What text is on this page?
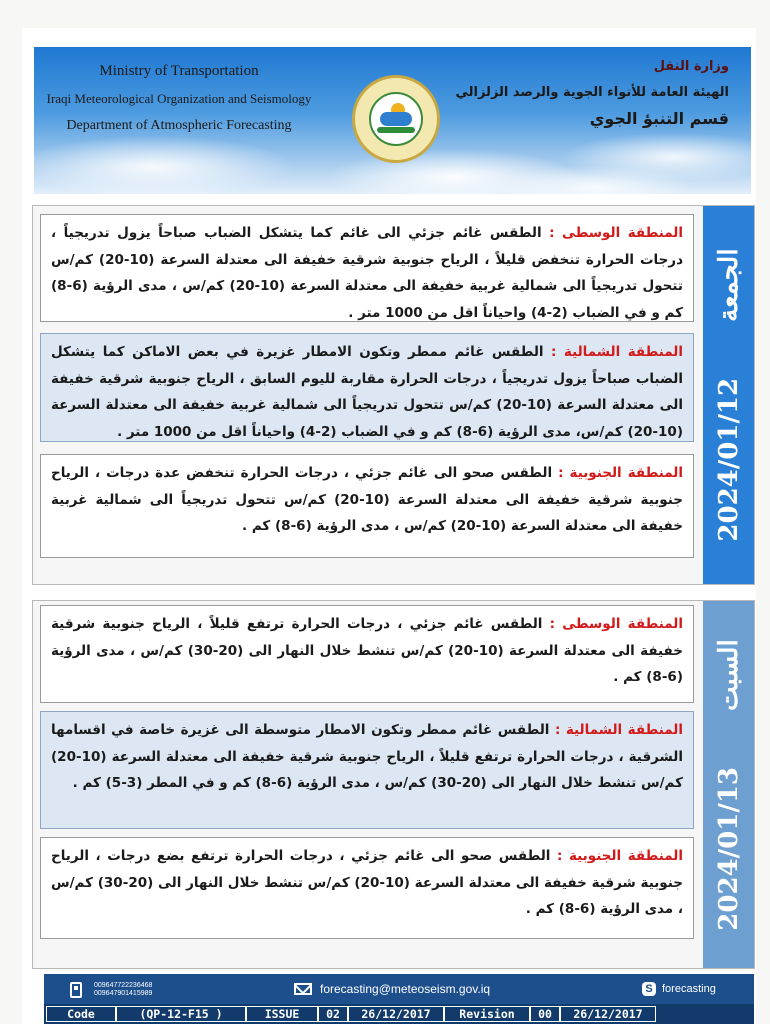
Ministry of Transportation
Iraqi Meteorological Organization and Seismology
Department of Atmospheric Forecasting
وزارة النقل
الهيئة العامة للأنواء الجوية والرصد الزلزالي
قسم التنبؤ الجوي
المنطقة الوسطى : الطقس غائم جزئي الى غائم كما يتشكل الضباب صباحاً يزول تدريجياً ، درجات الحرارة تنخفض قليلاً ، الرياح جنوبية شرقية خفيفة الى معتدلة السرعة (10-20) كم/س تتحول تدريجياً الى شمالية غربية خفيفة الى معتدلة السرعة (10-20) كم/س ، مدى الرؤية (6-8) كم و في الضباب (2-4) واحياناً اقل من 1000 متر .
المنطقة الشمالية : الطقس غائم ممطر وتكون الامطار غزيرة في بعض الاماكن كما يتشكل الضباب صباحاً يزول تدريجياً ، درجات الحرارة مقاربة لليوم السابق ، الرياح جنوبية شرقية خفيفة الى معتدلة السرعة (10-20) كم/س تتحول تدريجياً الى شمالية غربية خفيفة الى معتدلة السرعة (10-20) كم/س، مدى الرؤية (6-8) كم و في الضباب (2-4) واحياناً اقل من 1000 متر .
المنطقة الجنوبية : الطقس صحو الى غائم جزئي ، درجات الحرارة تنخفض عدة درجات ، الرياح جنوبية شرقية خفيفة الى معتدلة السرعة (10-20) كم/س تتحول تدريجياً الى شمالية غربية خفيفة الى معتدلة السرعة (10-20) كم/س ، مدى الرؤية (6-8) كم .
الجمعة2024/01/12
المنطقة الوسطى : الطقس غائم جزئي ، درجات الحرارة ترتفع قليلاً ، الرياح جنوبية شرقية خفيفة الى معتدلة السرعة (10-20) كم/س تنشط خلال النهار الى (20-30) كم/س ، مدى الرؤية (6-8) كم .
المنطقة الشمالية : الطقس غائم ممطر وتكون الامطار متوسطة الى غزيرة خاصة في اقسامها الشرقية ، درجات الحرارة ترتفع قليلاً ، الرياح جنوبية شرقية خفيفة الى معتدلة السرعة (10-20) كم/س تنشط خلال النهار الى (20-30) كم/س ، مدى الرؤية (6-8) كم و في المطر (3-5) كم .
المنطقة الجنوبية : الطقس صحو الى غائم جزئي ، درجات الحرارة ترتفع بضع درجات ، الرياح جنوبية شرقية خفيفة الى معتدلة السرعة (10-20) كم/س تنشط خلال النهار الى (20-30) كم/س ، مدى الرؤية (6-8) كم .
السبت2024/01/13
009647722236468
009647901415989	forecasting@meteoseism.gov.iq	S forecasting
Code	(QP-12-F15 )	ISSUE	02	26/12/2017	Revision	00	26/12/2017
